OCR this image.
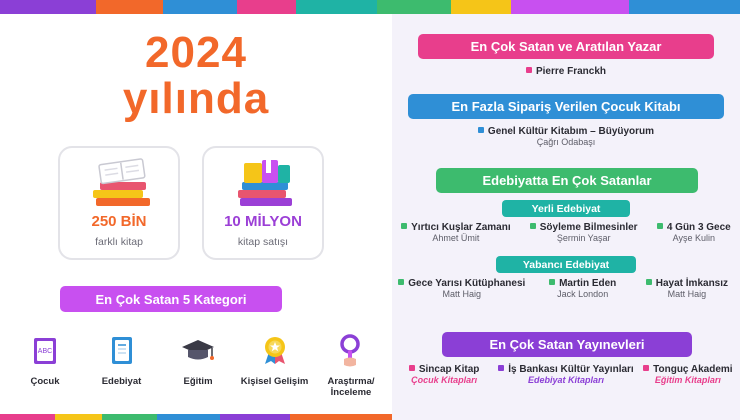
2024
yılında
250 BİN
farklı kitap
10 MİLYON
kitap satışı
En Çok Satan 5 Kategori
ABC
Çocuk	Edebiyat	Eğitim	Kişisel Gelişim	Araştırma/İnceleme
En Çok Satan ve Aratılan Yazar
Pierre Franckh
En Fazla Sipariş Verilen Çocuk Kitabı
Genel Kültür Kitabım – Büyüyorum
Çağrı Odabaşı
Edebiyatta En Çok Satanlar
Yerli Edebiyat
Yırtıcı Kuşlar Zamanı
Ahmet Ümit
Söyleme Bilmesinler
Şermin Yaşar
4 Gün 3 Gece
Ayşe Kulin
Yabancı Edebiyat
Gece Yarısı Kütüphanesi
Matt Haig
Martin Eden
Jack London
Hayat İmkansız
Matt Haig
En Çok Satan Yayınevleri
Sincap Kitap
Çocuk Kitapları
İş Bankası Kültür Yayınları
Edebiyat Kitapları
Tonguç Akademi
Eğitim Kitapları
